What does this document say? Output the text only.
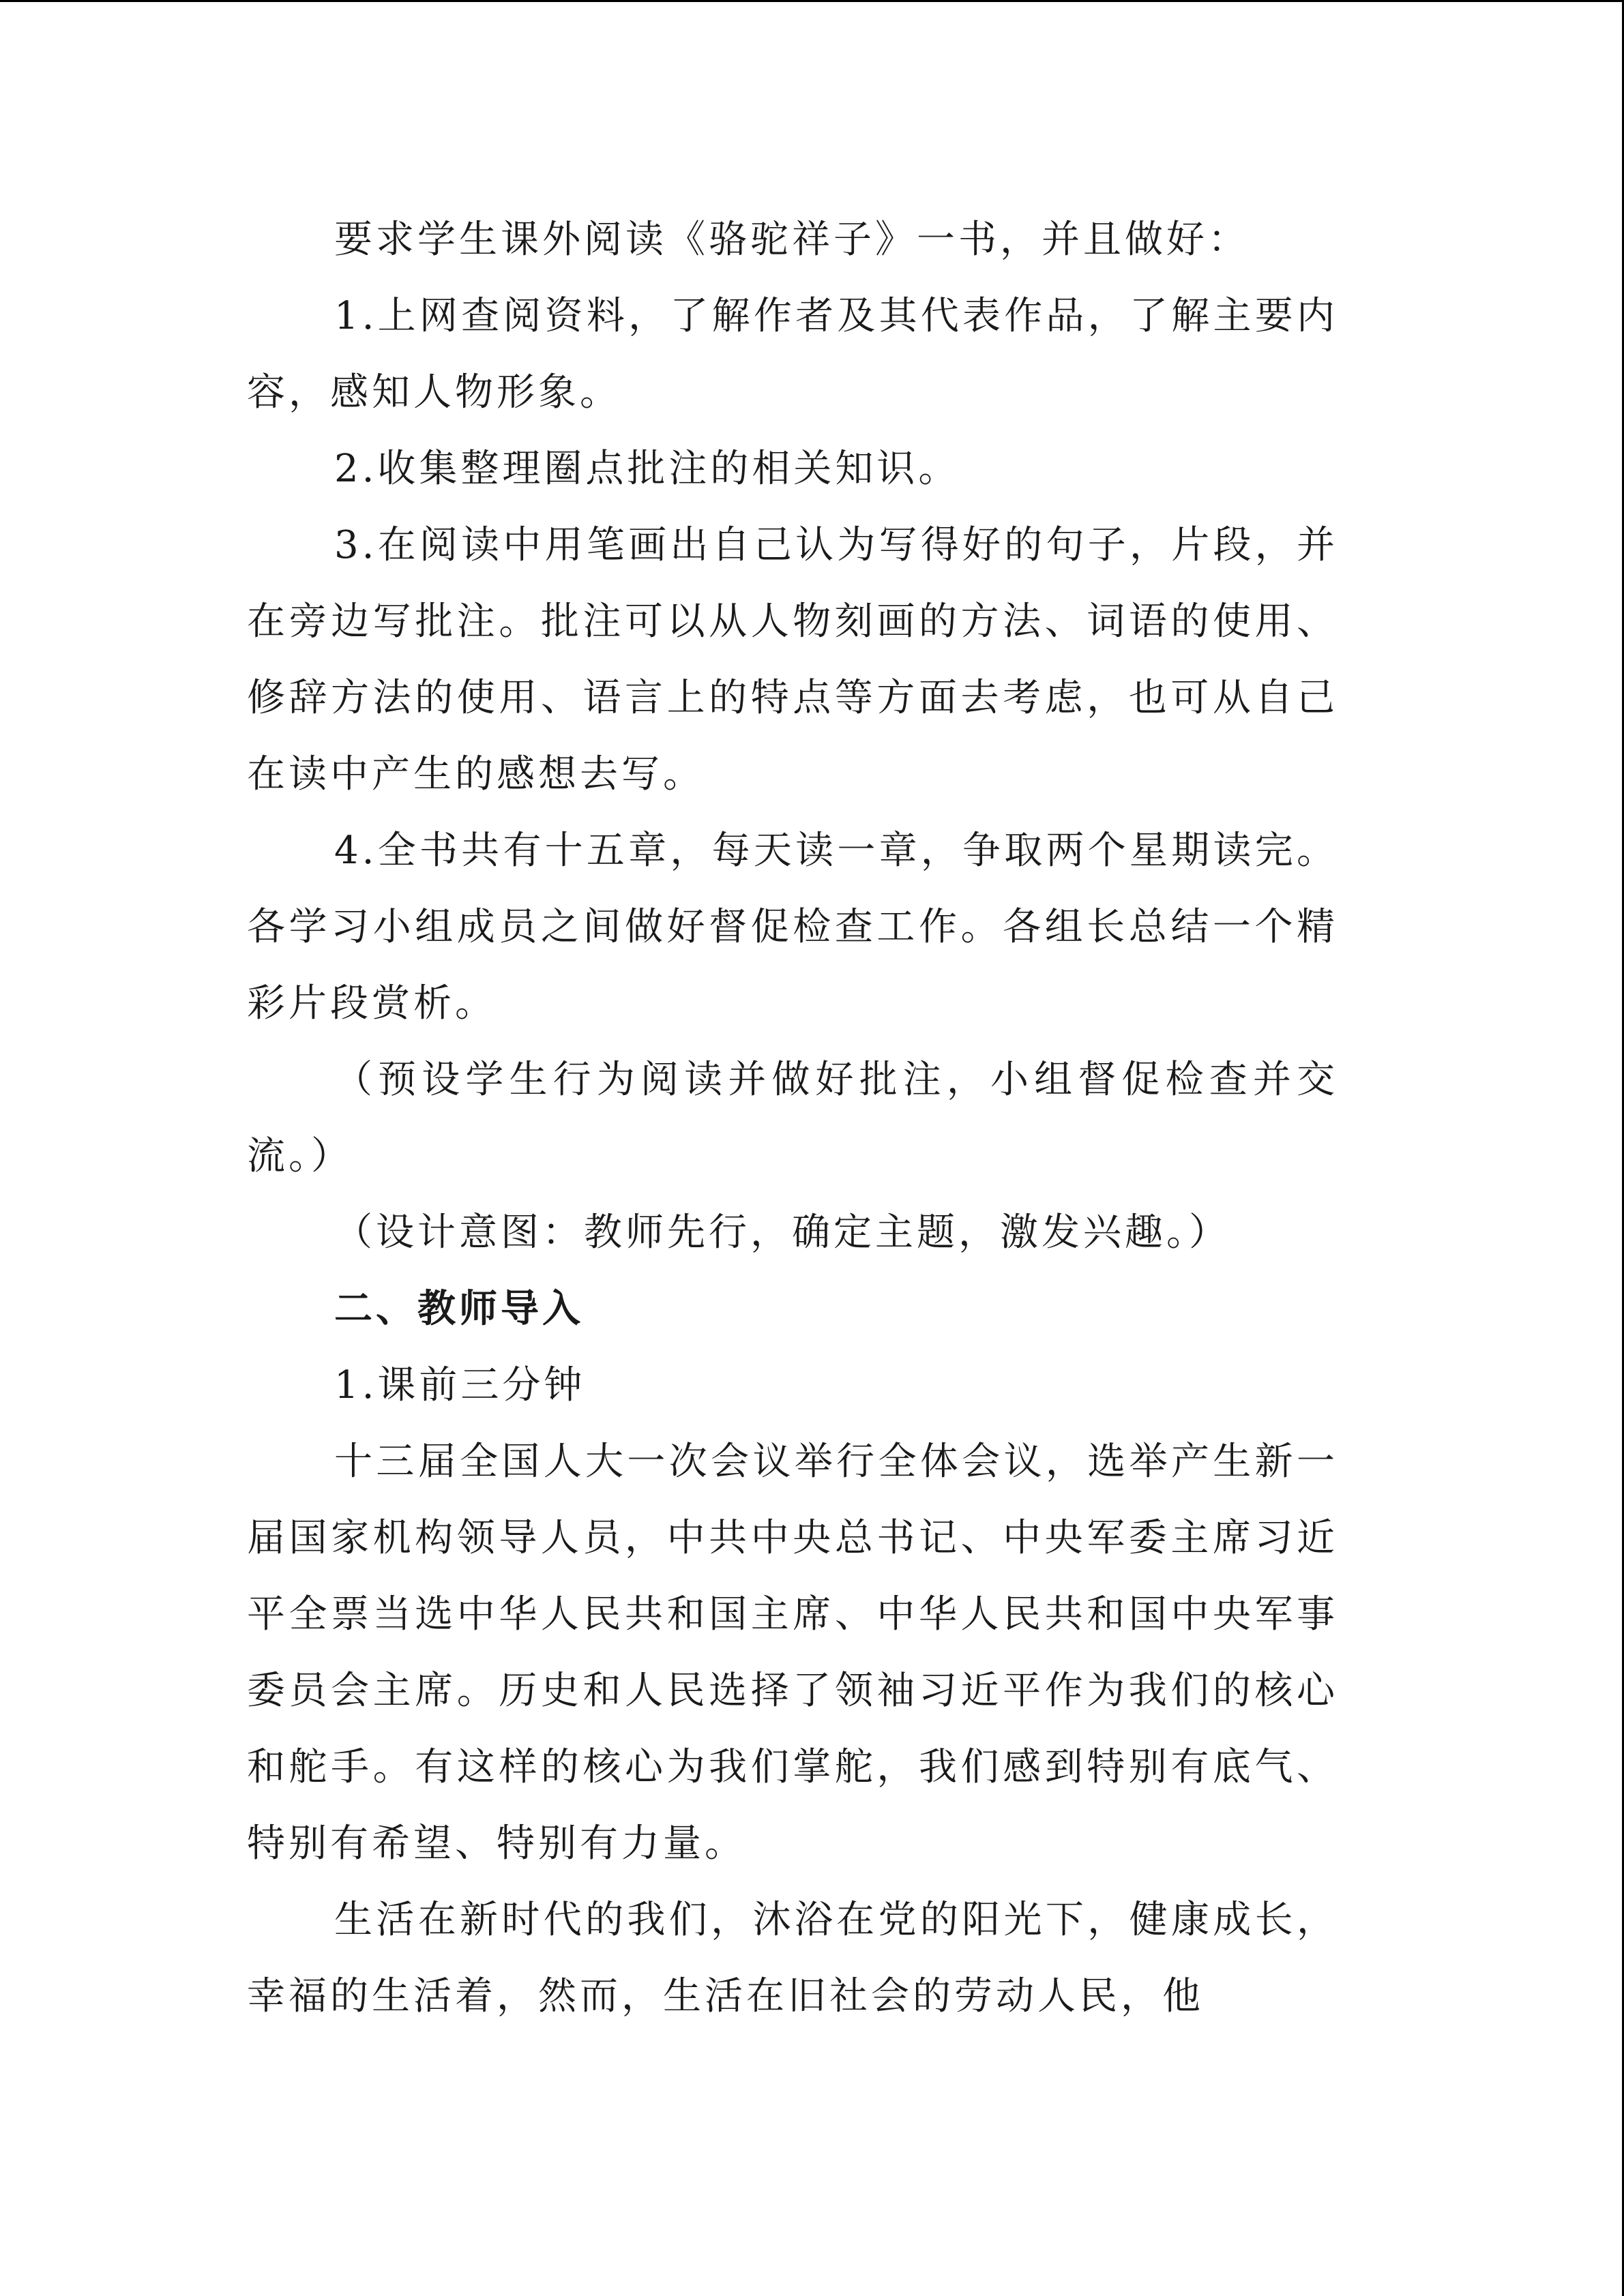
要求学生课外阅读《骆驼祥子》一书，并且做好：

1.上网查阅资料，了解作者及其代表作品，了解主要内容，感知人物形象。

2.收集整理圈点批注的相关知识。

3.在阅读中用笔画出自己认为写得好的句子，片段，并在旁边写批注。批注可以从人物刻画的方法、词语的使用、修辞方法的使用、语言上的特点等方面去考虑，也可从自己在读中产生的感想去写。

4.全书共有十五章，每天读一章，争取两个星期读完。各学习小组成员之间做好督促检查工作。各组长总结一个精彩片段赏析。

（预设学生行为阅读并做好批注，小组督促检查并交流。）

（设计意图：教师先行，确定主题，激发兴趣。）

二、教师导入

1.课前三分钟

十三届全国人大一次会议举行全体会议，选举产生新一届国家机构领导人员，中共中央总书记、中央军委主席习近平全票当选中华人民共和国主席、中华人民共和国中央军事委员会主席。历史和人民选择了领袖习近平作为我们的核心和舵手。有这样的核心为我们掌舵，我们感到特别有底气、特别有希望、特别有力量。

生活在新时代的我们，沐浴在党的阳光下，健康成长，幸福的生活着，然而，生活在旧社会的劳动人民，他
